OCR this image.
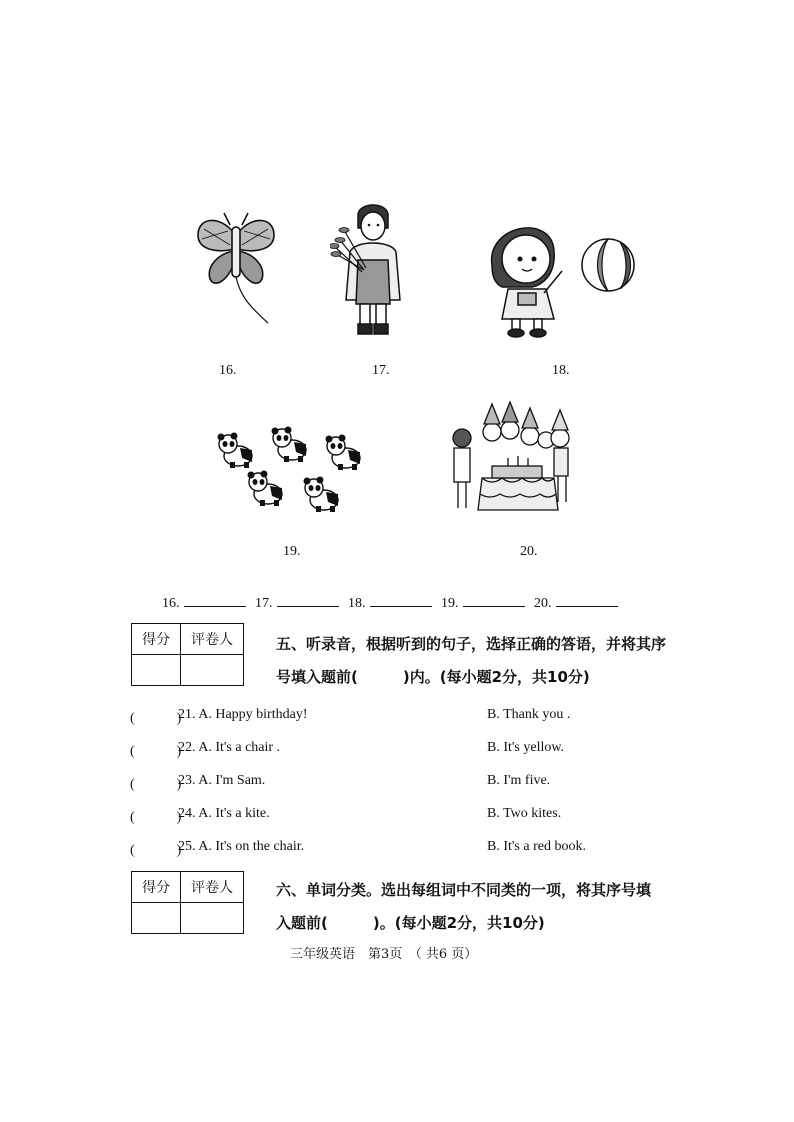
16.	17.	18.
19.	20.
16.	17.	18.	19.	20.
得分	评卷人
		五、听录音，根据听到的句子，选择正确的答语，并将其序
号填入题前(　　　)内。(每小题2分，共10分)
(　　　)
21. A. Happy birthday!	B. Thank you .
(　　　)
22. A. It's a chair .	B. It's yellow.
(　　　)
23. A. I'm Sam.	B. I'm five.
(　　　)
24. A. It's a kite.	B. Two kites.
(　　　)
25. A. It's on the chair.	B. It's a red book.
得分	评卷人
		六、单词分类。选出每组词中不同类的一项，将其序号填
入题前(　　　)。(每小题2分，共10分)
三年级英语　第3页　（ 共6 页）
